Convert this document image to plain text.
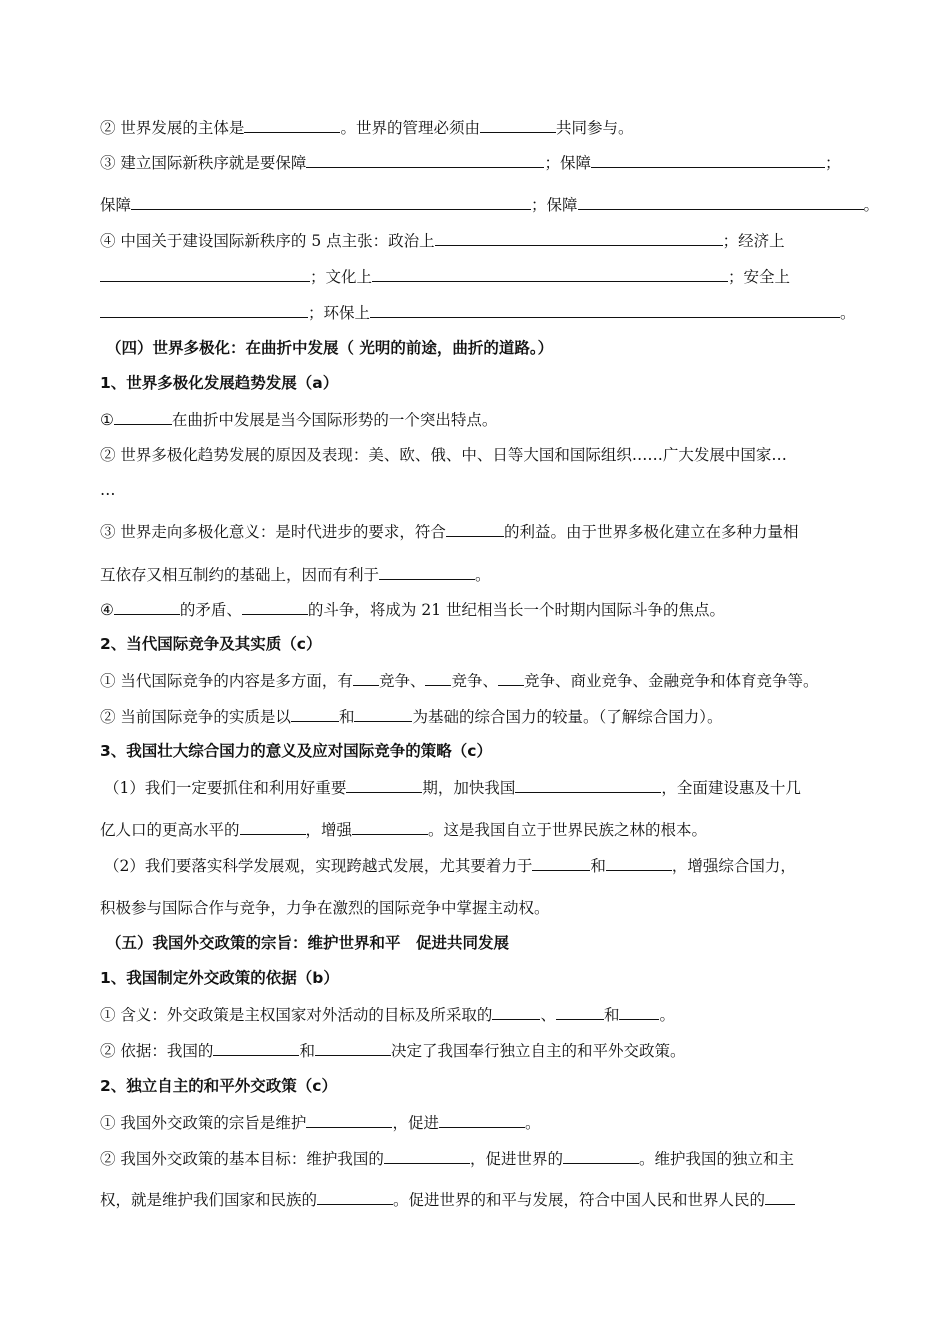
② 世界发展的主体是	。世界的管理必须由	共同参与。
③ 建立国际新秩序就是要保障	；保障	；
保障	；保障	。
④ 中国关于建设国际新秩序的 5 点主张：政治上	；经济上
；文化上	；安全上
；环保上	。
（四）世界多极化：在曲折中发展（ 光明的前途，曲折的道路。）
1、世界多极化发展趋势发展（a）
①	在曲折中发展是当今国际形势的一个突出特点。
② 世界多极化趋势发展的原因及表现：美、欧、俄、中、日等大国和国际组织……广大发展中国家…
…
③ 世界走向多极化意义：是时代进步的要求，符合	的利益。由于世界多极化建立在多种力量相
互依存又相互制约的基础上，因而有利于	。
④	的矛盾、	的斗争，将成为 21 世纪相当长一个时期内国际斗争的焦点。
2、当代国际竞争及其实质（c）
① 当代国际竞争的内容是多方面，有 竞争、 竞争、 竞争、商业竞争、金融竞争和体育竞争等。
② 当前国际竞争的实质是以	和	为基础的综合国力的较量。（了解综合国力）。
3、我国壮大综合国力的意义及应对国际竞争的策略（c）
（1）我们一定要抓住和利用好重要	期，加快我国	，全面建设惠及十几
亿人口的更高水平的	，增强	。这是我国自立于世界民族之林的根本。
（2）我们要落实科学发展观，实现跨越式发展，尤其要着力于	和	，增强综合国力，
积极参与国际合作与竞争，力争在激烈的国际竞争中掌握主动权。
（五）我国外交政策的宗旨：维护世界和平　促进共同发展
1、我国制定外交政策的依据（b）
① 含义：外交政策是主权国家对外活动的目标及所采取的	、	和	。
② 依据：我国的	和	决定了我国奉行独立自主的和平外交政策。
2、独立自主的和平外交政策（c）
① 我国外交政策的宗旨是维护	，促进	。
② 我国外交政策的基本目标：维护我国的	，促进世界的	。维护我国的独立和主
权，就是维护我们国家和民族的	。促进世界的和平与发展，符合中国人民和世界人民的
